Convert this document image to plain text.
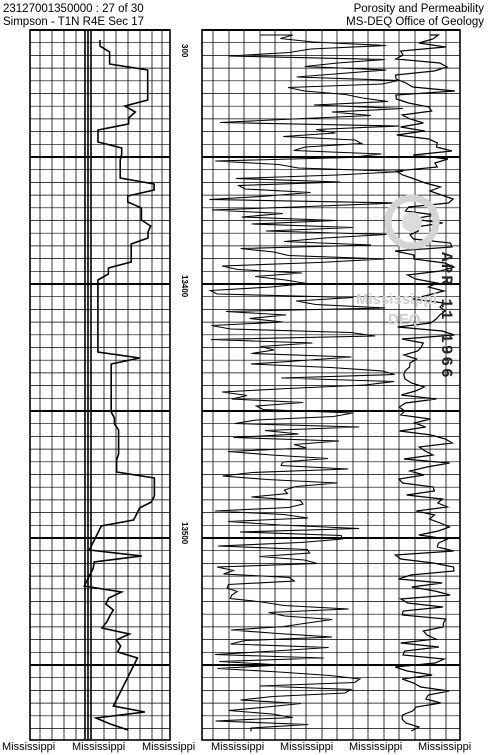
23127001350000 : 27 of 30
Simpson - T1N R4E Sec 17
Porosity and Permeability
MS-DEQ Office of Geology
Mississippi
DEQ APR 11 1966
300
13400
13500
Mississippi Mississippi Mississippi Mississippi Mississippi Mississippi Mississippi
